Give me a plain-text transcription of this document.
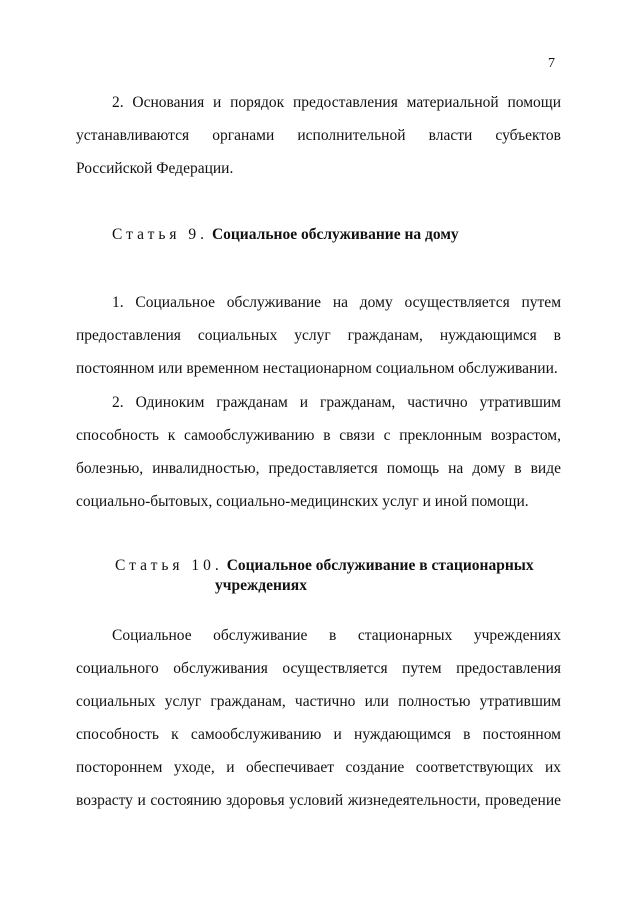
7
2. Основания и порядок предоставления материальной помощи
устанавливаются органами исполнительной власти субъектов
Российской Федерации.
Статья 9. Социальное обслуживание на дому
1. Социальное обслуживание на дому осуществляется путем
предоставления социальных услуг гражданам, нуждающимся в
постоянном или временном нестационарном социальном обслуживании.
2. Одиноким гражданам и гражданам, частично утратившим
способность к самообслуживанию в связи с преклонным возрастом,
болезнью, инвалидностью, предоставляется помощь на дому в виде
социально-бытовых, социально-медицинских услуг и иной помощи.
Статья 10. Социальное обслуживание в стационарных
учреждениях
Социальное обслуживание в стационарных учреждениях
социального обслуживания осуществляется путем предоставления
социальных услуг гражданам, частично или полностью утратившим
способность к самообслуживанию и нуждающимся в постоянном
постороннем уходе, и обеспечивает создание соответствующих их
возрасту и состоянию здоровья условий жизнедеятельности, проведение
